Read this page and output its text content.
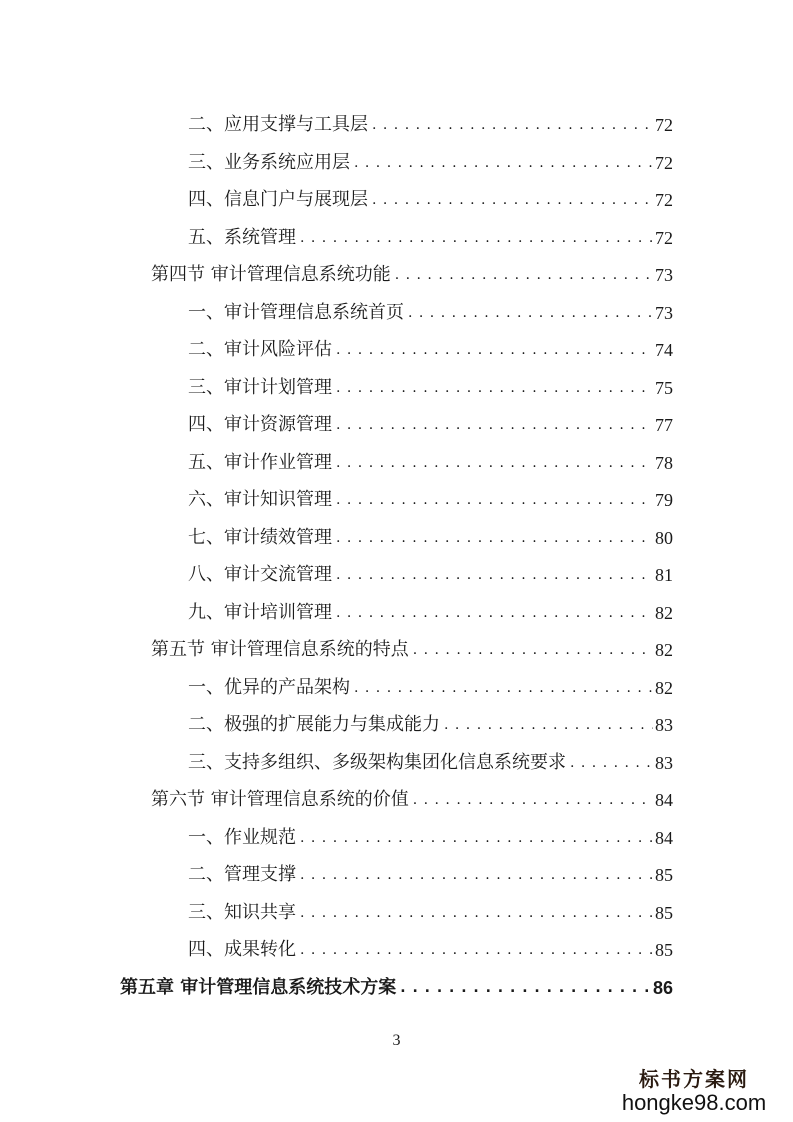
二、应用支撑与工具层 . . .	72
三、业务系统应用层 . . .	72
四、信息门户与展现层 . . .	72
五、系统管理 . . .	72
第四节 审计管理信息系统功能 . . .	73
一、审计管理信息系统首页 . . .	73
二、审计风险评估 . . .	74
三、审计计划管理 . . .	75
四、审计资源管理 . . .	77
五、审计作业管理 . . .	78
六、审计知识管理 . . .	79
七、审计绩效管理 . . .	80
八、审计交流管理 . . .	81
九、审计培训管理 . . .	82
第五节 审计管理信息系统的特点 . . .	82
一、优异的产品架构 . . .	82
二、极强的扩展能力与集成能力 . . .	83
三、支持多组织、多级架构集团化信息系统要求 . . .	83
第六节 审计管理信息系统的价值 . . .	84
一、作业规范 . . .	84
二、管理支撑 . . .	85
三、知识共享 . . .	85
四、成果转化 . . .	85
第五章 审计管理信息系统技术方案 . . .	86
3
标书方案网
hongke98.com
